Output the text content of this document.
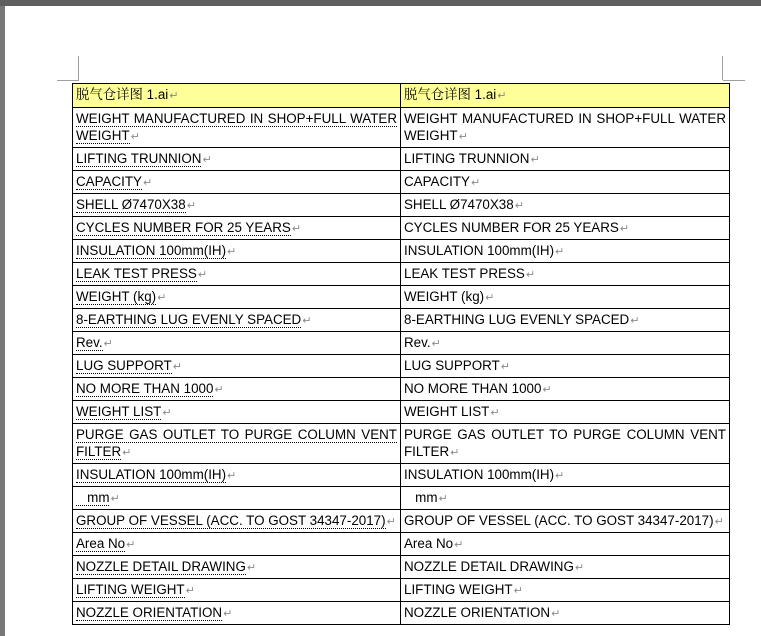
脱气仓详图 1.ai↵	脱气仓详图 1.ai↵
WEIGHT MANUFACTURED IN SHOP+FULL WATER WEIGHT↵	WEIGHT MANUFACTURED IN SHOP+FULL WATER WEIGHT↵
LIFTING TRUNNION↵	LIFTING TRUNNION↵
CAPACITY↵	CAPACITY↵
SHELL Ø7470X38↵	SHELL Ø7470X38↵
CYCLES NUMBER FOR 25 YEARS↵	CYCLES NUMBER FOR 25 YEARS↵
INSULATION 100mm(IH)↵	INSULATION 100mm(IH)↵
LEAK TEST PRESS↵	LEAK TEST PRESS↵
WEIGHT (kg)↵	WEIGHT (kg)↵
8-EARTHING LUG EVENLY SPACED↵	8-EARTHING LUG EVENLY SPACED↵
Rev.↵	Rev.↵
LUG SUPPORT↵	LUG SUPPORT↵
NO MORE THAN 1000↵	NO MORE THAN 1000↵
WEIGHT LIST↵	WEIGHT LIST↵
PURGE GAS OUTLET TO PURGE COLUMN VENT FILTER↵	PURGE GAS OUTLET TO PURGE COLUMN VENT FILTER↵
INSULATION 100mm(IH)↵	INSULATION 100mm(IH)↵
mm↵	mm↵
GROUP OF VESSEL (ACC. TO GOST 34347-2017)↵	GROUP OF VESSEL (ACC. TO GOST 34347-2017)↵
Area No↵	Area No↵
NOZZLE DETAIL DRAWING↵	NOZZLE DETAIL DRAWING↵
LIFTING WEIGHT↵	LIFTING WEIGHT↵
NOZZLE ORIENTATION↵	NOZZLE ORIENTATION↵
